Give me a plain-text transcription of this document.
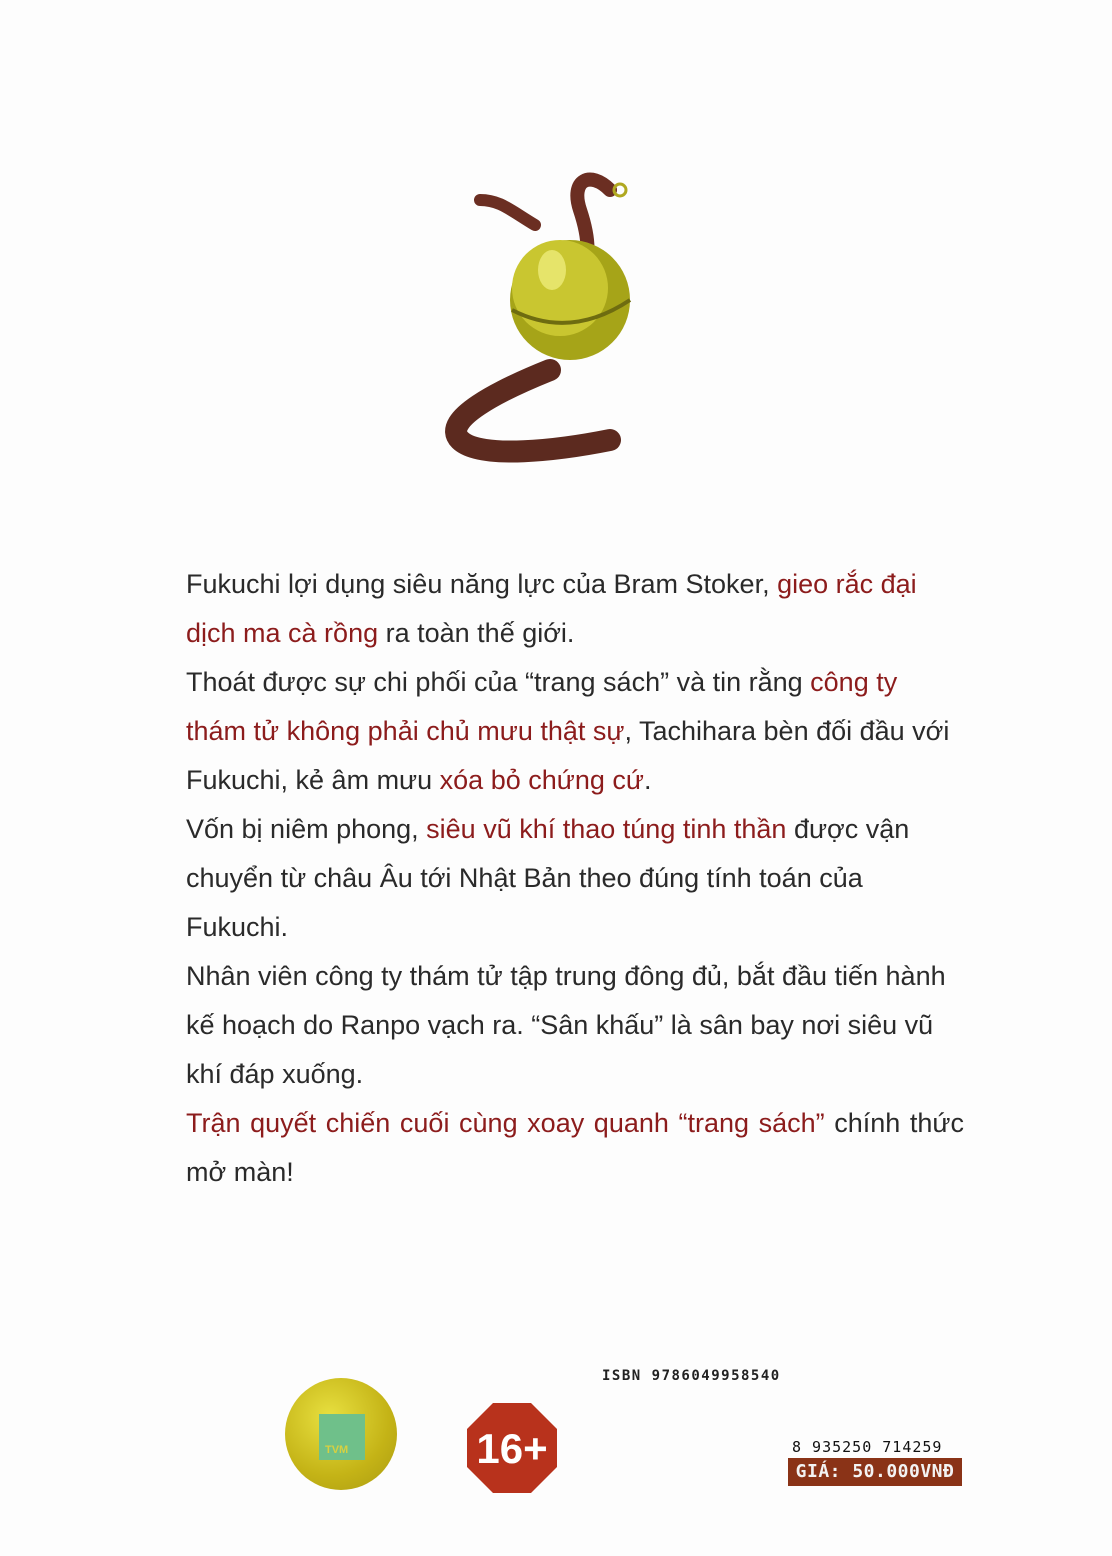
Fukuchi lợi dụng siêu năng lực của Bram Stoker, gieo rắc đại dịch ma cà rồng ra toàn thế giới.

Thoát được sự chi phối của “trang sách” và tin rằng công ty thám tử không phải chủ mưu thật sự, Tachihara bèn đối đầu với Fukuchi, kẻ âm mưu xóa bỏ chứng cứ.

Vốn bị niêm phong, siêu vũ khí thao túng tinh thần được vận chuyển từ châu Âu tới Nhật Bản theo đúng tính toán của Fukuchi.

Nhân viên công ty thám tử tập trung đông đủ, bắt đầu tiến hành kế hoạch do Ranpo vạch ra. “Sân khấu” là sân bay nơi siêu vũ khí đáp xuống.

Trận quyết chiến cuối cùng xoay quanh “trang sách” chính thức mở màn!

ISBN 9786049958540
TVM	16+	8 935250 714259
GIÁ: 50.000VNĐ
